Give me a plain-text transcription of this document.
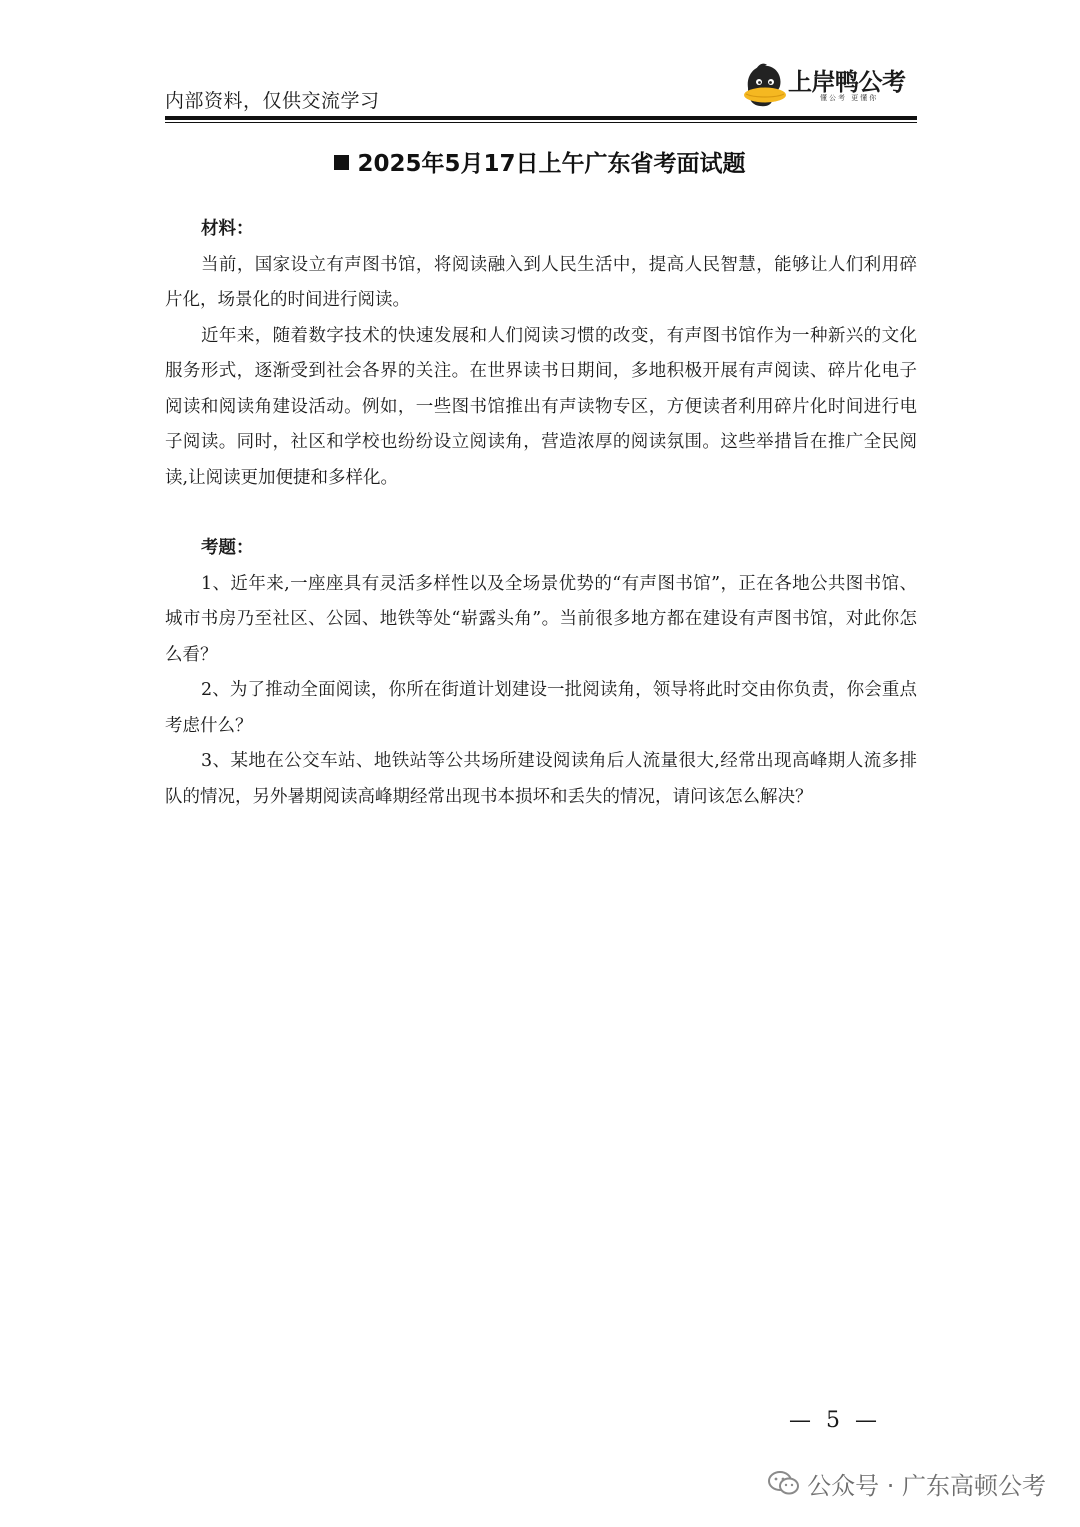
内部资料，仅供交流学习
上岸鸭公考
懂公考 更懂你
2025年5月17日上午广东省考面试题

材料：

当前，国家设立有声图书馆，将阅读融入到人民生活中，提高人民智慧，能够让人们利用碎片化，场景化的时间进行阅读。

近年来，随着数字技术的快速发展和人们阅读习惯的改变，有声图书馆作为一种新兴的文化服务形式，逐渐受到社会各界的关注。在世界读书日期间，多地积极开展有声阅读、碎片化电子阅读和阅读角建设活动。例如，一些图书馆推出有声读物专区，方便读者利用碎片化时间进行电子阅读。同时，社区和学校也纷纷设立阅读角，营造浓厚的阅读氛围。这些举措旨在推广全民阅读,让阅读更加便捷和多样化。

考题：

1、近年来,一座座具有灵活多样性以及全场景优势的“有声图书馆”，正在各地公共图书馆、城市书房乃至社区、公园、地铁等处“崭露头角”。当前很多地方都在建设有声图书馆，对此你怎么看？

2、为了推动全面阅读，你所在街道计划建设一批阅读角，领导将此时交由你负责，你会重点考虑什么？

3、某地在公交车站、地铁站等公共场所建设阅读角后人流量很大,经常出现高峰期人流多排队的情况，另外暑期阅读高峰期经常出现书本损坏和丢失的情况，请问该怎么解决？

— 5 —
公众号 · 广东高顿公考
